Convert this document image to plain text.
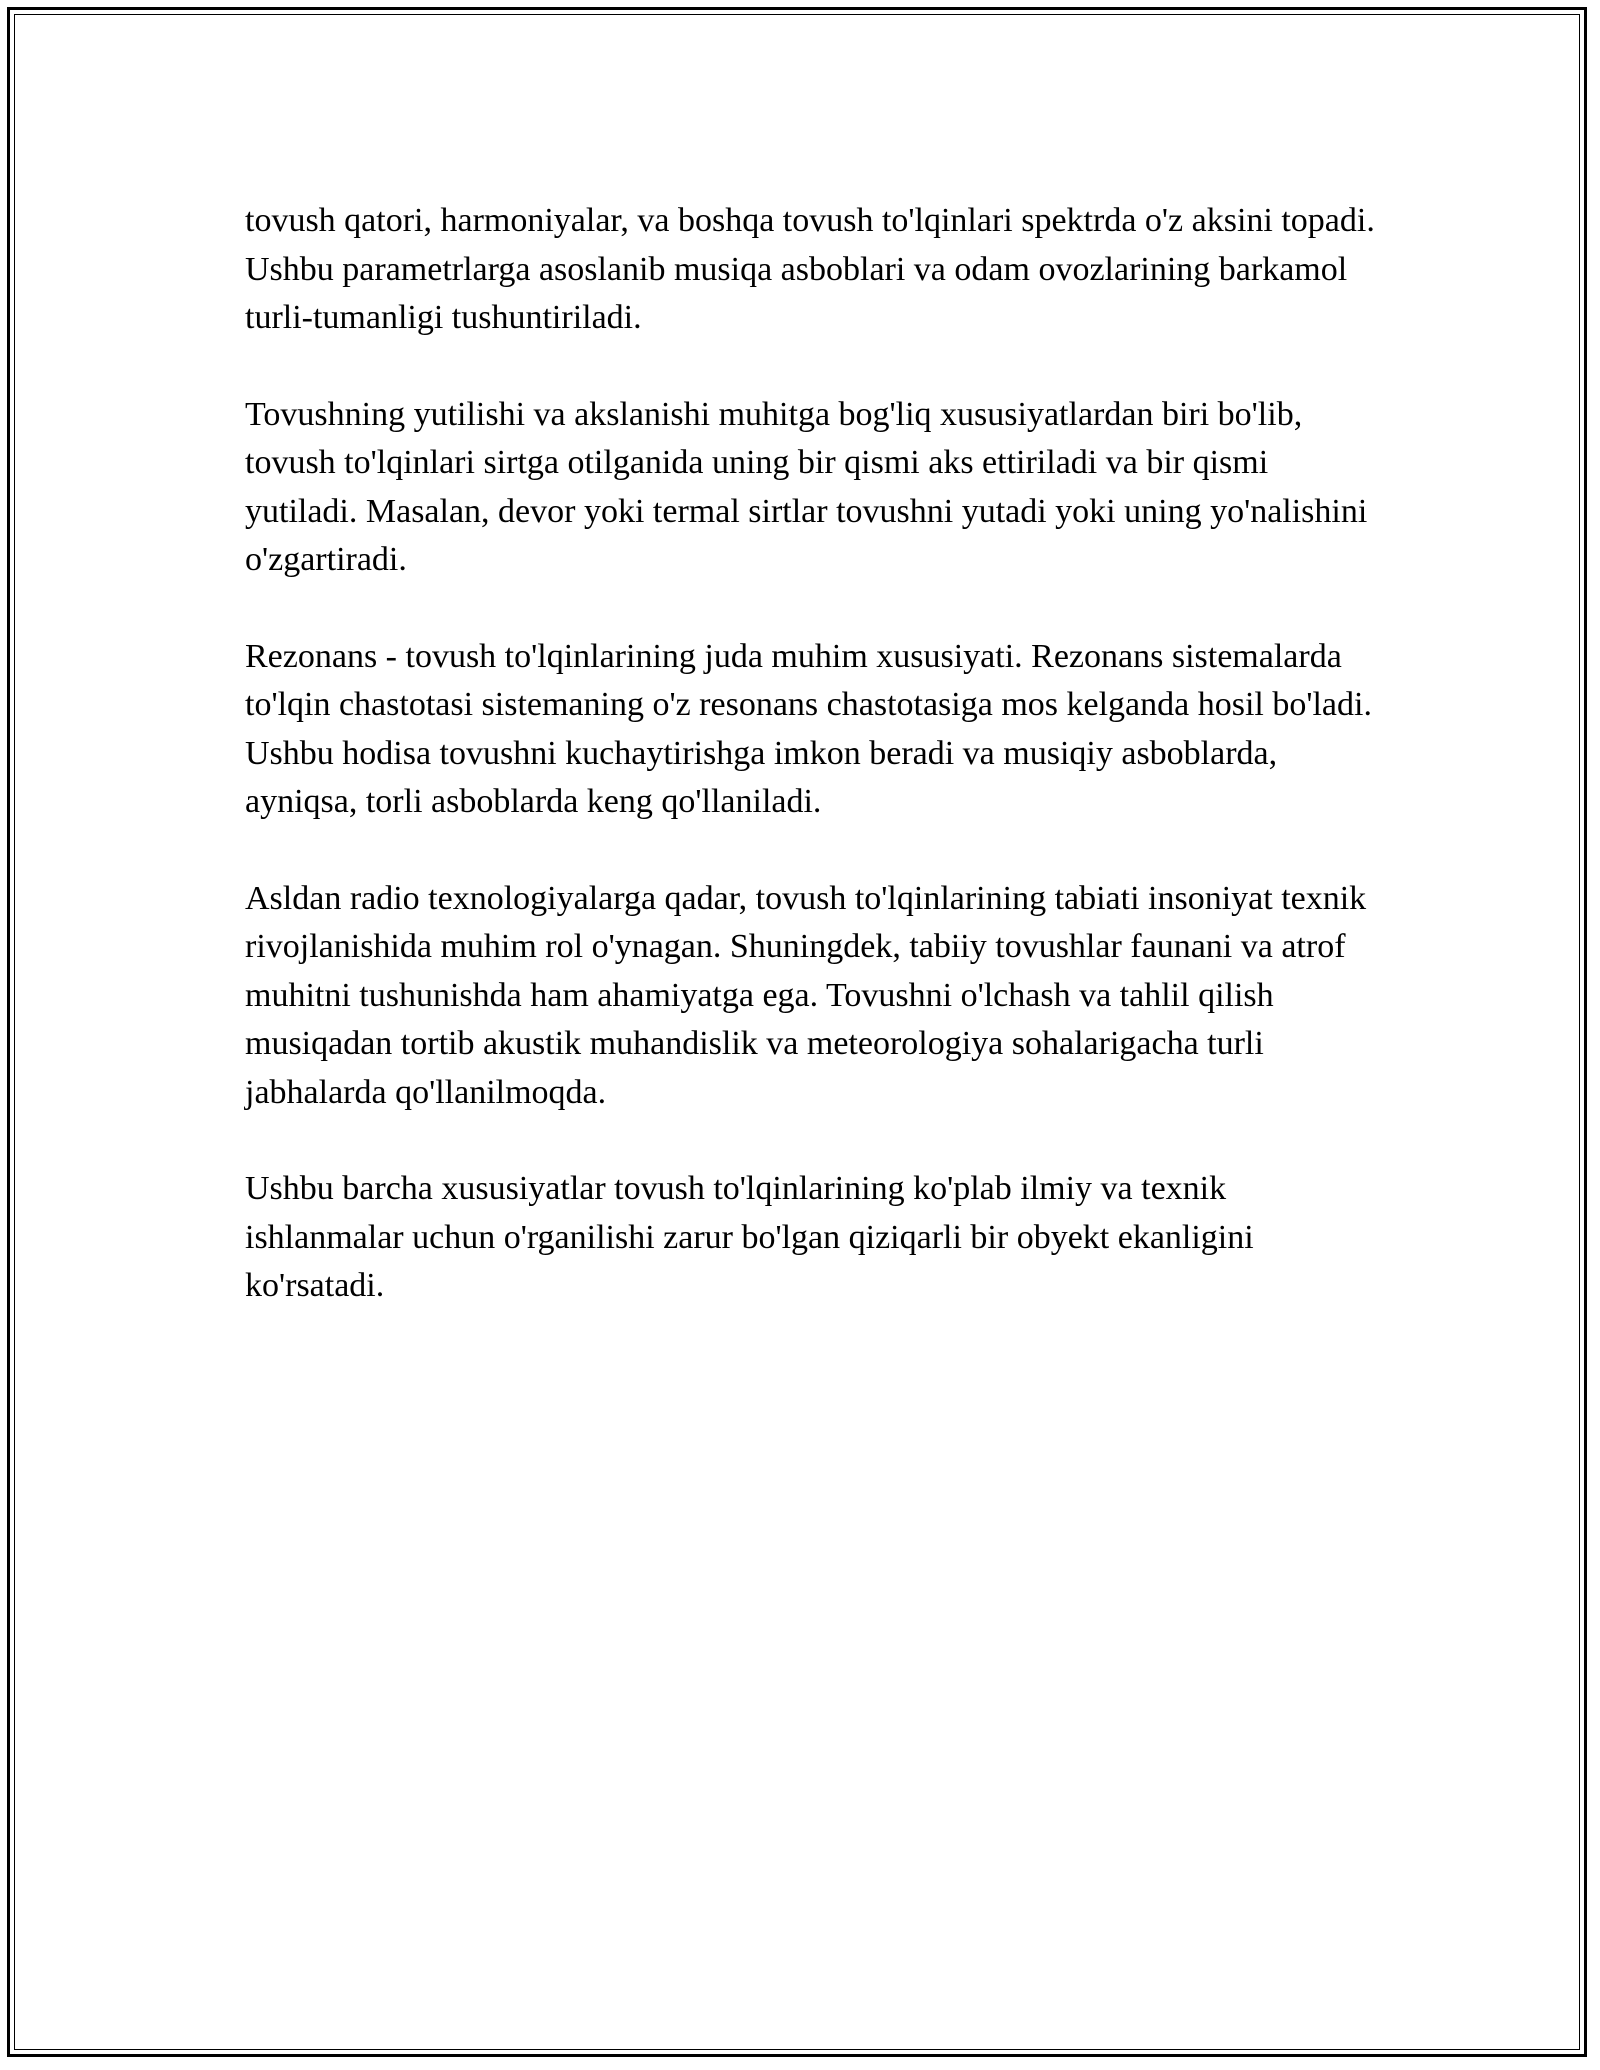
tovush qatori, harmoniyalar, va boshqa tovush to'lqinlari spektrda o'z aksini topadi. Ushbu parametrlarga asoslanib musiqa asboblari va odam ovozlarining barkamol turli-tumanligi tushuntiriladi.

Tovushning yutilishi va akslanishi muhitga bog'liq xususiyatlardan biri bo'lib, tovush to'lqinlari sirtga otilganida uning bir qismi aks ettiriladi va bir qismi yutiladi. Masalan, devor yoki termal sirtlar tovushni yutadi yoki uning yo'nalishini o'zgartiradi.

Rezonans - tovush to'lqinlarining juda muhim xususiyati. Rezonans sistemalarda to'lqin chastotasi sistemaning o'z resonans chastotasiga mos kelganda hosil bo'ladi. Ushbu hodisa tovushni kuchaytirishga imkon beradi va musiqiy asboblarda, ayniqsa, torli asboblarda keng qo'llaniladi.

Asldan radio texnologiyalarga qadar, tovush to'lqinlarining tabiati insoniyat texnik rivojlanishida muhim rol o'ynagan. Shuningdek, tabiiy tovushlar faunani va atrof muhitni tushunishda ham ahamiyatga ega. Tovushni o'lchash va tahlil qilish musiqadan tortib akustik muhandislik va meteorologiya sohalarigacha turli jabhalarda qo'llanilmoqda.

Ushbu barcha xususiyatlar tovush to'lqinlarining ko'plab ilmiy va texnik ishlanmalar uchun o'rganilishi zarur bo'lgan qiziqarli bir obyekt ekanligini ko'rsatadi.
